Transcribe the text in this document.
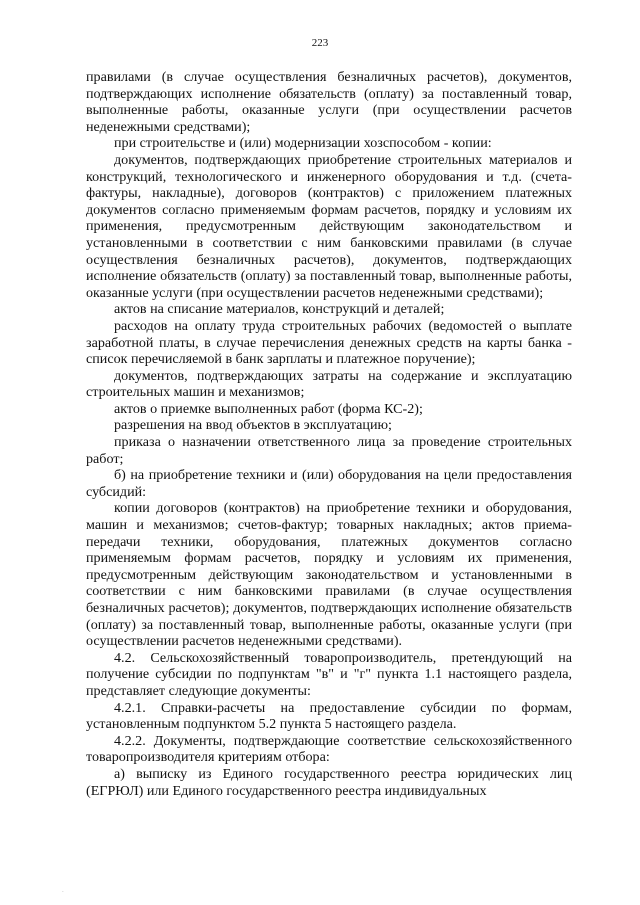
223

правилами (в случае осуществления безналичных расчетов), документов, подтверждающих исполнение обязательств (оплату) за поставленный товар, выполненные работы, оказанные услуги (при осуществлении расчетов неденежными средствами);

при строительстве и (или) модернизации хозспособом - копии:

документов, подтверждающих приобретение строительных материалов и конструкций, технологического и инженерного оборудования и т.д. (счета-фактуры, накладные), договоров (контрактов) с приложением платежных документов согласно применяемым формам расчетов, порядку и условиям их применения, предусмотренным действующим законодательством и установленными в соответствии с ним банковскими правилами (в случае осуществления безналичных расчетов), документов, подтверждающих исполнение обязательств (оплату) за поставленный товар, выполненные работы, оказанные услуги (при осуществлении расчетов неденежными средствами);

актов на списание материалов, конструкций и деталей;

расходов на оплату труда строительных рабочих (ведомостей о выплате заработной платы, в случае перечисления денежных средств на карты банка - список перечисляемой в банк зарплаты и платежное поручение);

документов, подтверждающих затраты на содержание и эксплуатацию строительных машин и механизмов;

актов о приемке выполненных работ (форма КС-2);

разрешения на ввод объектов в эксплуатацию;

приказа о назначении ответственного лица за проведение строительных работ;

б) на приобретение техники и (или) оборудования на цели предоставления субсидий:

копии договоров (контрактов) на приобретение техники и оборудования, машин и механизмов; счетов-фактур; товарных накладных; актов приема-передачи техники, оборудования, платежных документов согласно применяемым формам расчетов, порядку и условиям их применения, предусмотренным действующим законодательством и установленными в соответствии с ним банковскими правилами (в случае осуществления безналичных расчетов); документов, подтверждающих исполнение обязательств (оплату) за поставленный товар, выполненные работы, оказанные услуги (при осуществлении расчетов неденежными средствами).

4.2. Сельскохозяйственный товаропроизводитель, претендующий на получение субсидии по подпунктам "в" и "г" пункта 1.1 настоящего раздела, представляет следующие документы:

4.2.1. Справки-расчеты на предоставление субсидии по формам, установленным подпунктом 5.2 пункта 5 настоящего раздела.

4.2.2. Документы, подтверждающие соответствие сельскохозяйственного товаропроизводителя критериям отбора:

а) выписку из Единого государственного реестра юридических лиц (ЕГРЮЛ) или Единого государственного реестра индивидуальных

.
